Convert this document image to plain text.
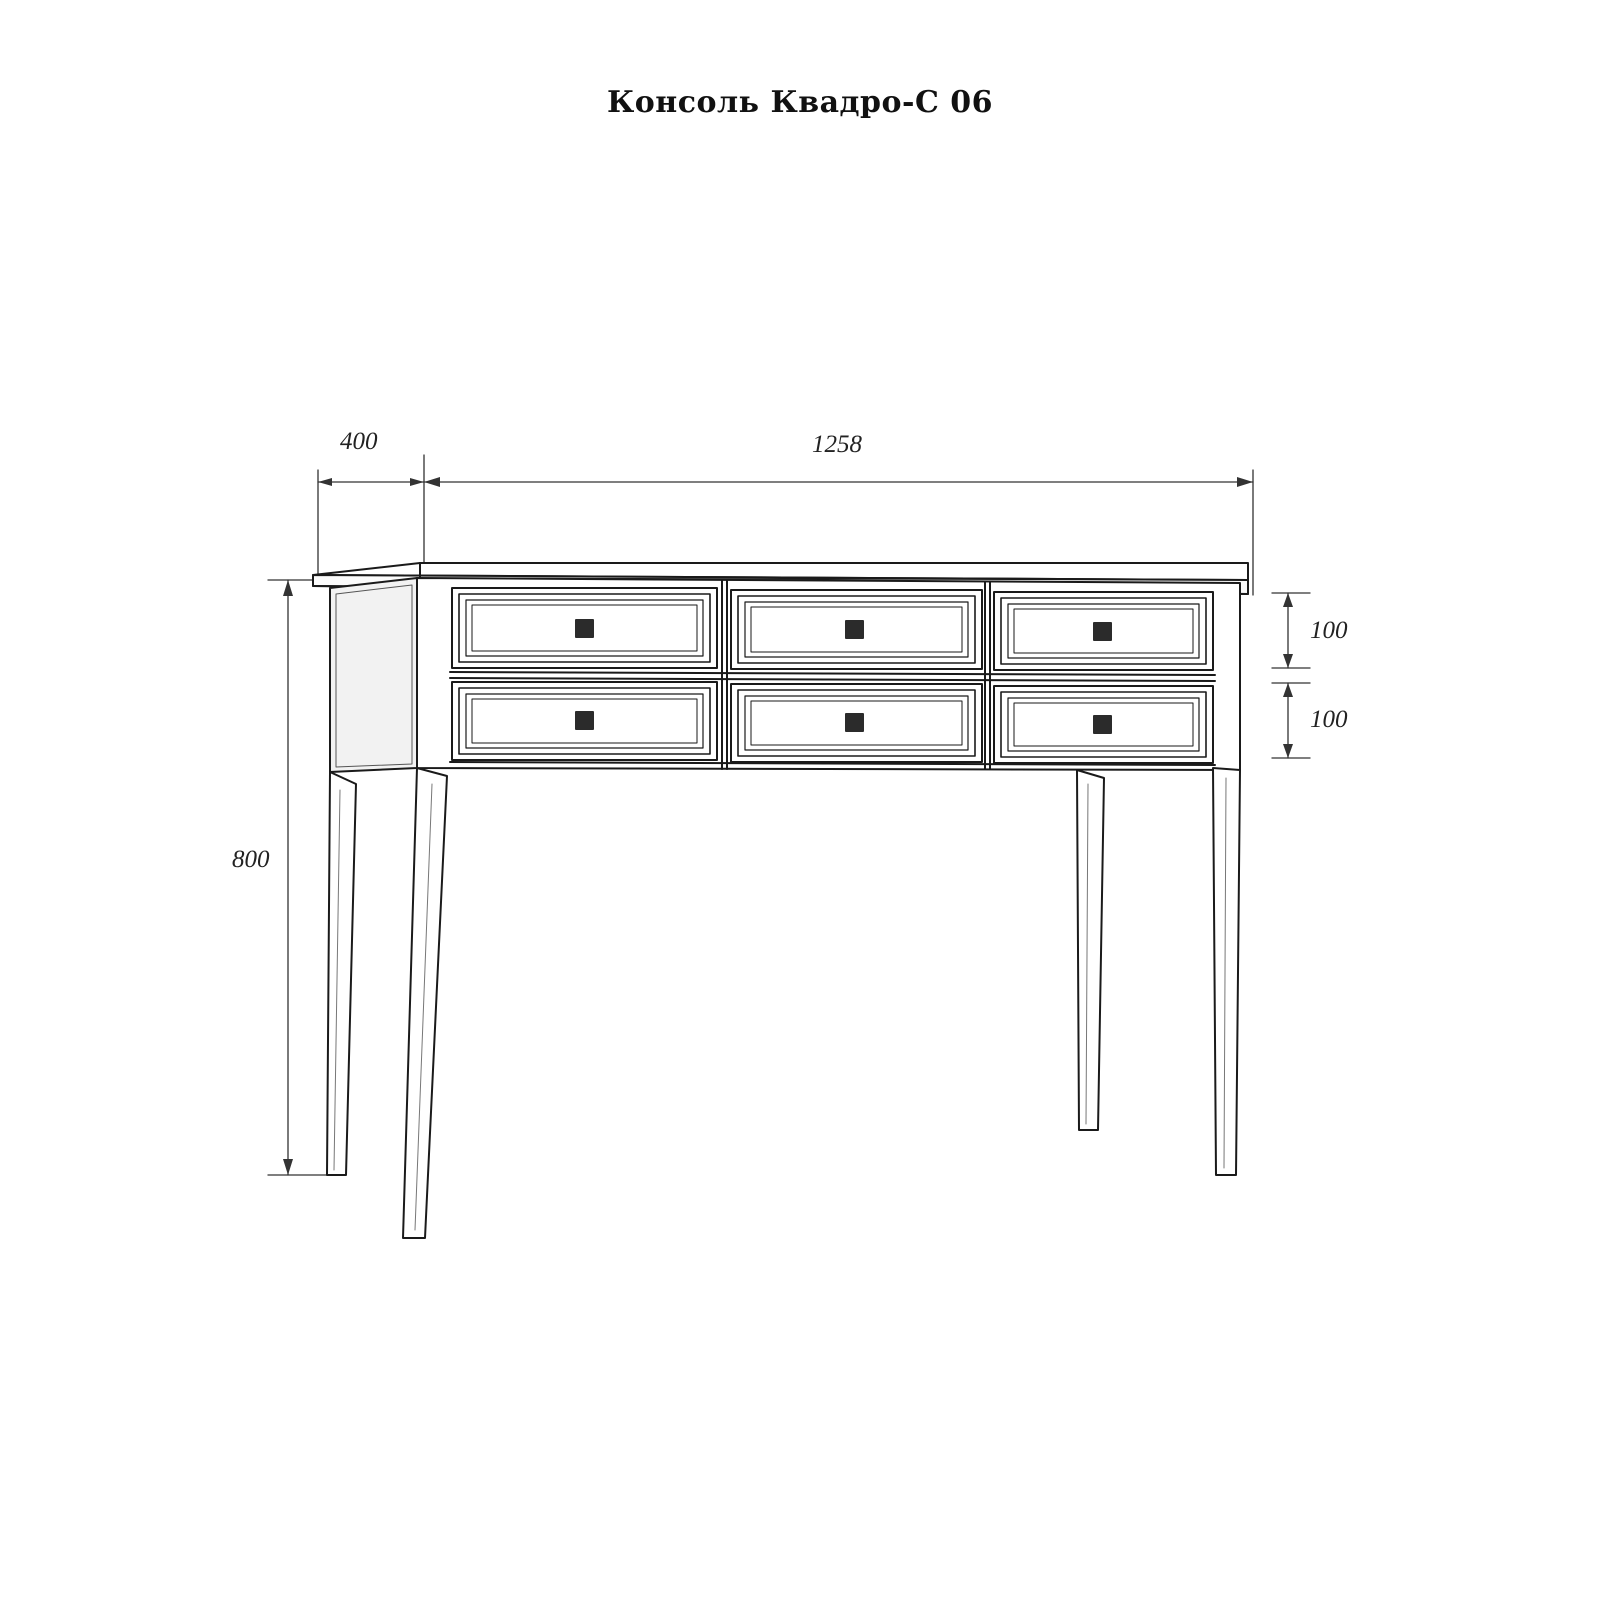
Консоль Квадро-С 06
400	1258
800
100
100
